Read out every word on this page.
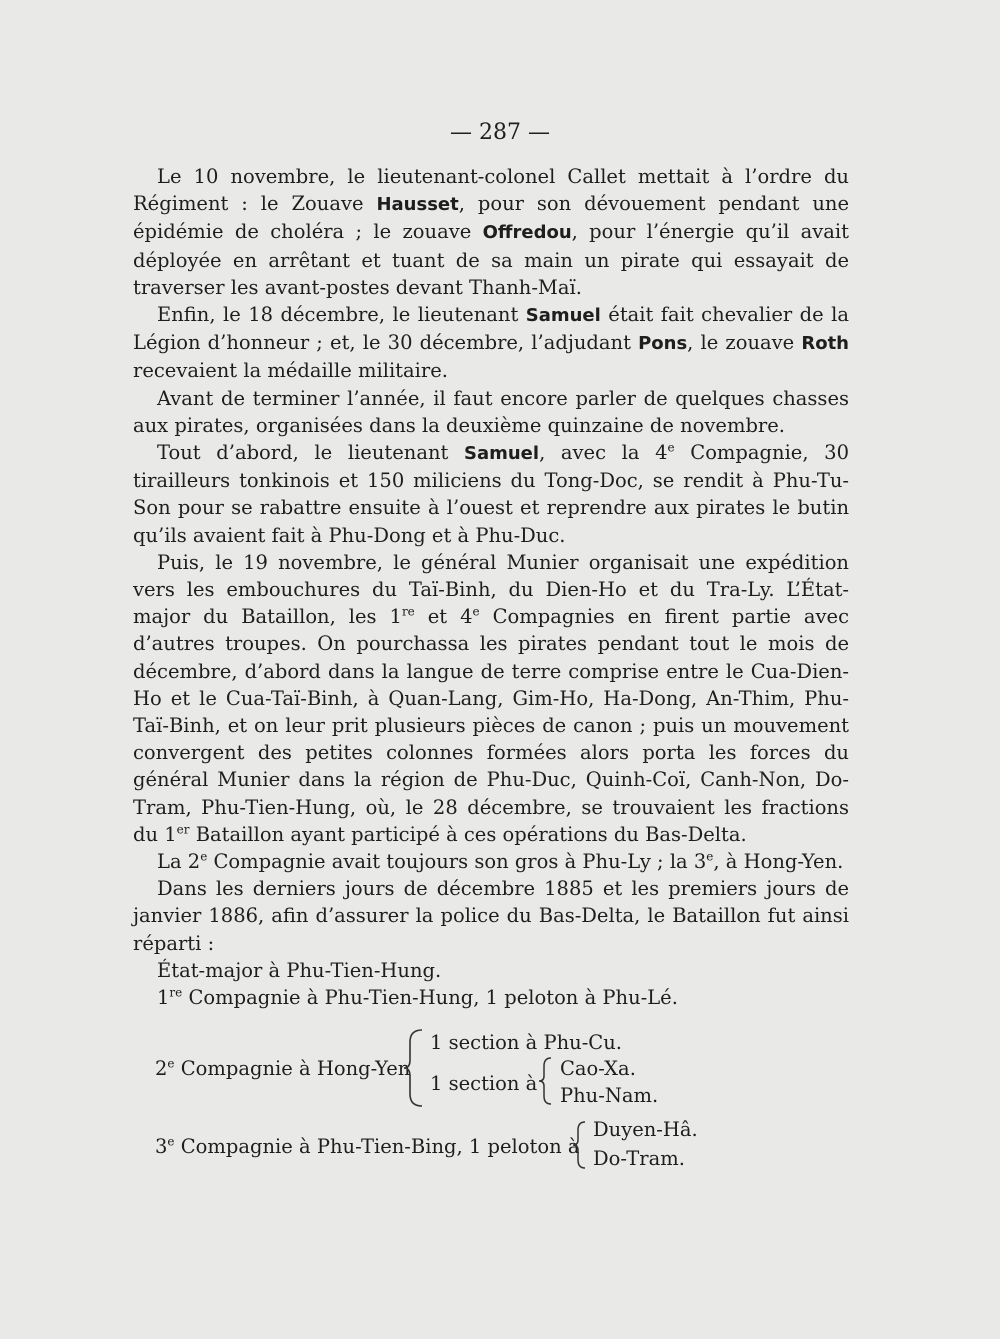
— 287 —

Le 10 novembre, le lieutenant-colonel Callet mettait à l’ordre du Régiment : le Zouave Hausset, pour son dévouement pendant une épidémie de choléra ; le zouave Offredou, pour l’énergie qu’il avait déployée en arrêtant et tuant de sa main un pirate qui essayait de traverser les avant-postes devant Thanh-Maï.

Enfin, le 18 décembre, le lieutenant Samuel était fait chevalier de la Légion d’honneur ; et, le 30 décembre, l’adjudant Pons, le zouave Roth recevaient la médaille militaire.

Avant de terminer l’année, il faut encore parler de quelques chasses aux pirates, organisées dans la deuxième quinzaine de novembre.

Tout d’abord, le lieutenant Samuel, avec la 4e Compagnie, 30 tirailleurs tonkinois et 150 miliciens du Tong-Doc, se rendit à Phu-Tu-Son pour se rabattre ensuite à l’ouest et reprendre aux pirates le butin qu’ils avaient fait à Phu-Dong et à Phu-Duc.

Puis, le 19 novembre, le général Munier organisait une expédition vers les embouchures du Taï-Binh, du Dien-Ho et du Tra-Ly. L’État-major du Bataillon, les 1re et 4e Compagnies en firent partie avec d’autres troupes. On pourchassa les pirates pendant tout le mois de décembre, d’abord dans la langue de terre comprise entre le Cua-Dien-Ho et le Cua-Taï-Binh, à Quan-Lang, Gim-Ho, Ha-Dong, An-Thim, Phu-Taï-Binh, et on leur prit plusieurs pièces de canon ; puis un mouvement convergent des petites colonnes formées alors porta les forces du général Munier dans la région de Phu-Duc, Quinh-Coï, Canh-Non, Do-Tram, Phu-Tien-Hung, où, le 28 décembre, se trouvaient les fractions du 1er Bataillon ayant participé à ces opérations du Bas-Delta.

La 2e Compagnie avait toujours son gros à Phu-Ly ; la 3e, à Hong-Yen.

Dans les derniers jours de décembre 1885 et les premiers jours de janvier 1886, afin d’assurer la police du Bas-Delta, le Bataillon fut ainsi réparti :

État-major à Phu-Tien-Hung.

1re Compagnie à Phu-Tien-Hung, 1 peloton à Phu-Lé.

2e Compagnie à Hong-Yen
1 section à Phu-Cu.
1 section à
Cao-Xa.
Phu-Nam.
3e Compagnie à Phu-Tien-Bing, 1 peloton à
Duyen-Hâ.
Do-Tram.
